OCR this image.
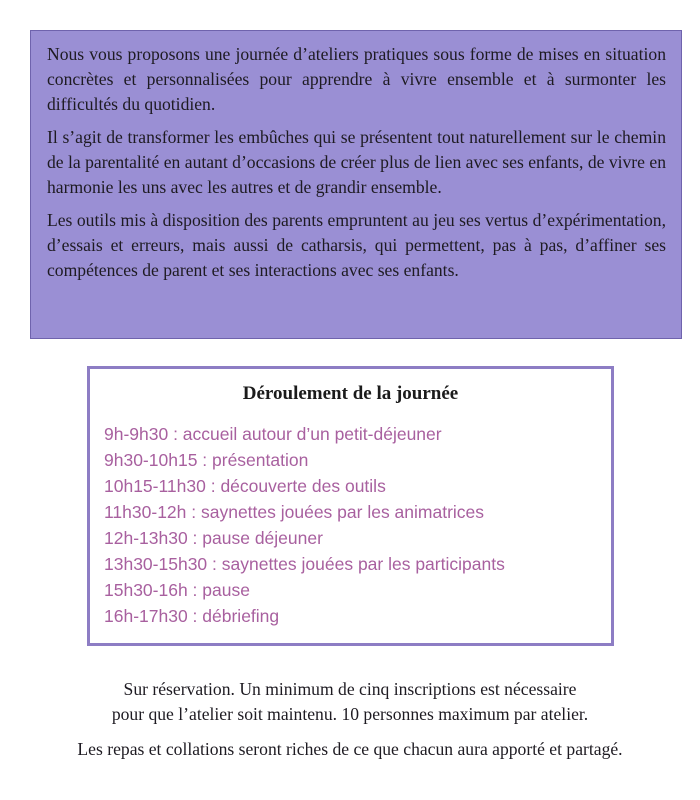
Nous vous proposons une journée d’ateliers pratiques sous forme de mises en situation concrètes et personnalisées pour apprendre à vivre ensemble et à surmonter les difficultés du quotidien.

Il s’agit de transformer les embûches qui se présentent tout naturellement sur le chemin de la parentalité en autant d’occasions de créer plus de lien avec ses enfants, de vivre en harmonie les uns avec les autres et de grandir ensemble.

Les outils mis à disposition des parents empruntent au jeu ses vertus d’expérimentation, d’essais et erreurs, mais aussi de catharsis, qui permettent, pas à pas, d’affiner ses compétences de parent et ses interactions avec ses enfants.

Déroulement de la journée
9h-9h30 : accueil autour d’un petit-déjeuner
9h30-10h15 : présentation
10h15-11h30 : découverte des outils
11h30-12h : saynettes jouées par les animatrices
12h-13h30 : pause déjeuner
13h30-15h30 : saynettes jouées par les participants
15h30-16h : pause
16h-17h30 : débriefing
Sur réservation. Un minimum de cinq inscriptions est nécessaire
pour que l’atelier soit maintenu. 10 personnes maximum par atelier.
Les repas et collations seront riches de ce que chacun aura apporté et partagé.
